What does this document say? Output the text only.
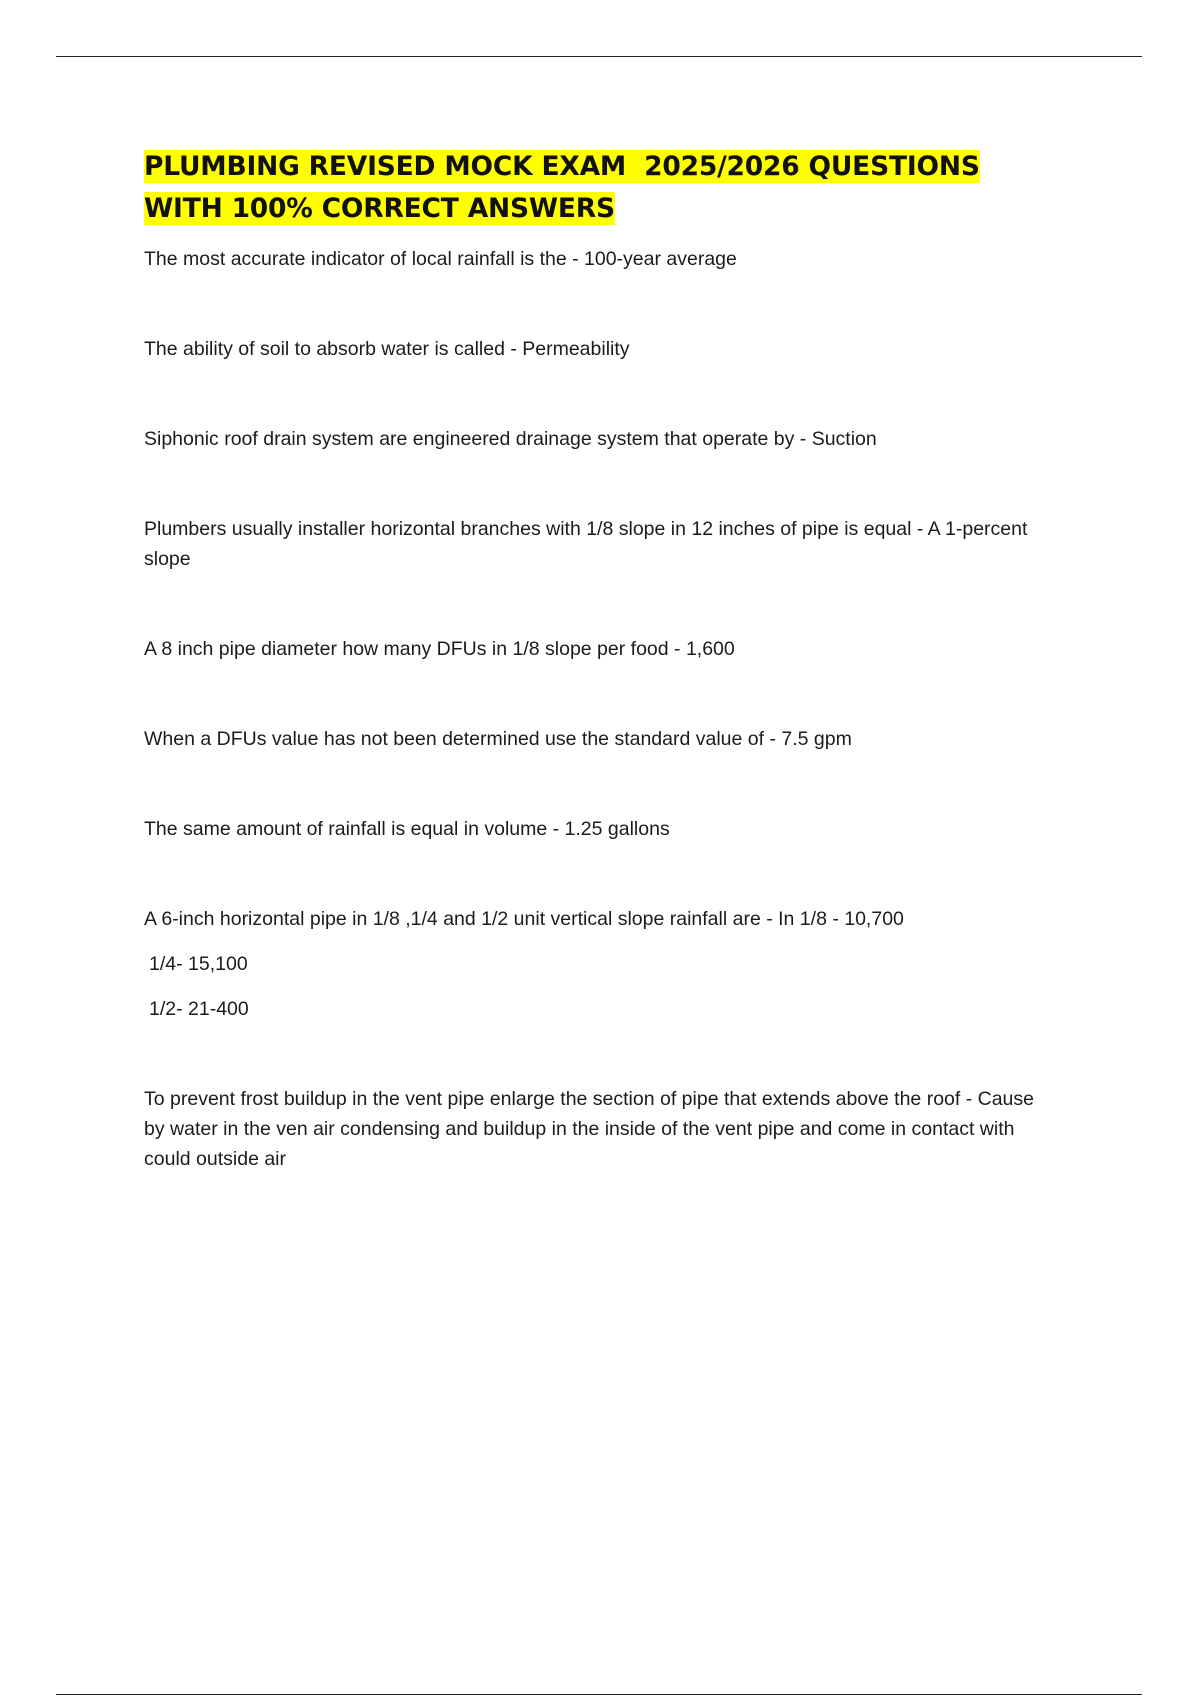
PLUMBING REVISED MOCK EXAM  2025/2026 QUESTIONS
WITH 100% CORRECT ANSWERS
The most accurate indicator of local rainfall is the - 100-year average
The ability of soil to absorb water is called - Permeability
Siphonic roof drain system are engineered drainage system that operate by - Suction
Plumbers usually installer horizontal branches with 1/8 slope in 12 inches of pipe is equal - A 1-percent slope
A 8 inch pipe diameter how many DFUs in 1/8 slope per food - 1,600
When a DFUs value has not been determined use the standard value of - 7.5 gpm
The same amount of rainfall is equal in volume - 1.25 gallons
A 6-inch horizontal pipe in 1/8 ,1/4 and 1/2 unit vertical slope rainfall are - In 1/8 - 10,700
1/4- 15,100
1/2- 21-400
To prevent frost buildup in the vent pipe enlarge the section of pipe that extends above the roof - Cause by water in the ven air condensing and buildup in the inside of the vent pipe and come in contact with could outside air
